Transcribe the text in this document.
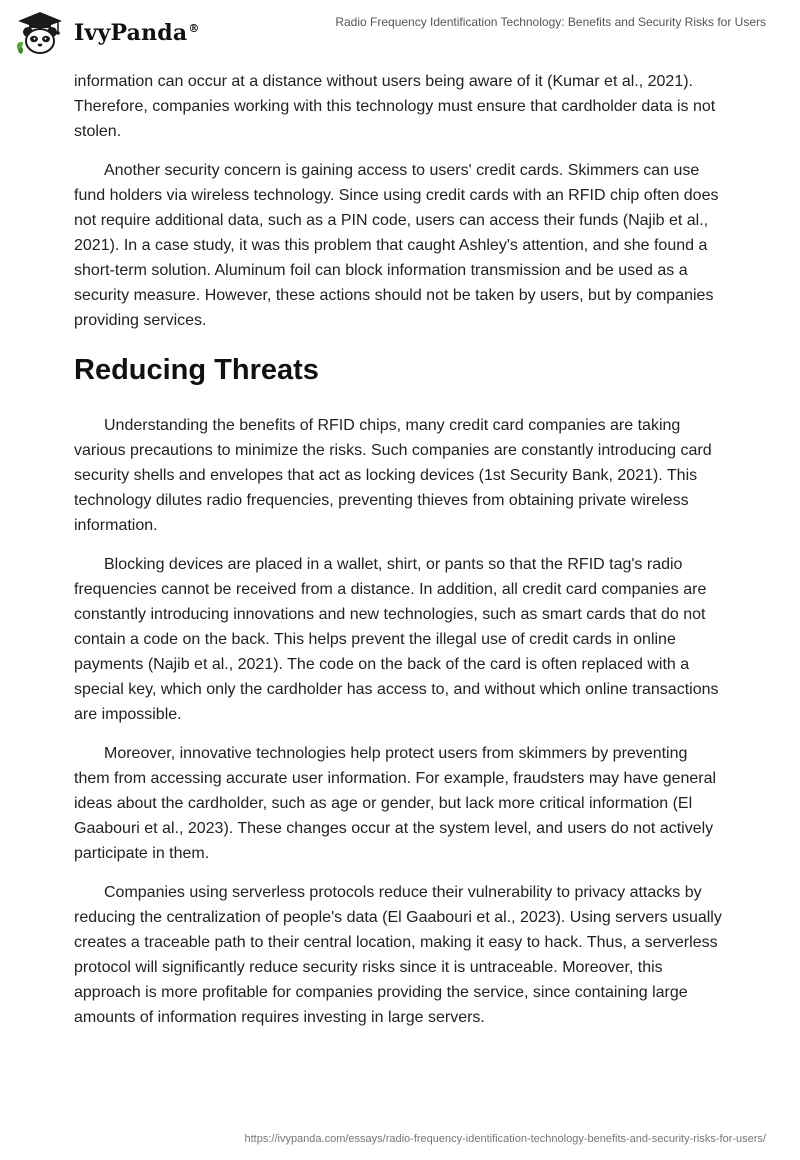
IvyPanda®	Radio Frequency Identification Technology: Benefits and Security Risks for Users

information can occur at a distance without users being aware of it (Kumar et al., 2021). Therefore, companies working with this technology must ensure that cardholder data is not stolen.

Another security concern is gaining access to users' credit cards. Skimmers can use fund holders via wireless technology. Since using credit cards with an RFID chip often does not require additional data, such as a PIN code, users can access their funds (Najib et al., 2021). In a case study, it was this problem that caught Ashley's attention, and she found a short-term solution. Aluminum foil can block information transmission and be used as a security measure. However, these actions should not be taken by users, but by companies providing services.

Reducing Threats

Understanding the benefits of RFID chips, many credit card companies are taking various precautions to minimize the risks. Such companies are constantly introducing card security shells and envelopes that act as locking devices (1st Security Bank, 2021). This technology dilutes radio frequencies, preventing thieves from obtaining private wireless information.

Blocking devices are placed in a wallet, shirt, or pants so that the RFID tag's radio frequencies cannot be received from a distance. In addition, all credit card companies are constantly introducing innovations and new technologies, such as smart cards that do not contain a code on the back. This helps prevent the illegal use of credit cards in online payments (Najib et al., 2021). The code on the back of the card is often replaced with a special key, which only the cardholder has access to, and without which online transactions are impossible.

Moreover, innovative technologies help protect users from skimmers by preventing them from accessing accurate user information. For example, fraudsters may have general ideas about the cardholder, such as age or gender, but lack more critical information (El Gaabouri et al., 2023). These changes occur at the system level, and users do not actively participate in them.

Companies using serverless protocols reduce their vulnerability to privacy attacks by reducing the centralization of people's data (El Gaabouri et al., 2023). Using servers usually creates a traceable path to their central location, making it easy to hack. Thus, a serverless protocol will significantly reduce security risks since it is untraceable. Moreover, this approach is more profitable for companies providing the service, since containing large amounts of information requires investing in large servers.

https://ivypanda.com/essays/radio-frequency-identification-technology-benefits-and-security-risks-for-users/
